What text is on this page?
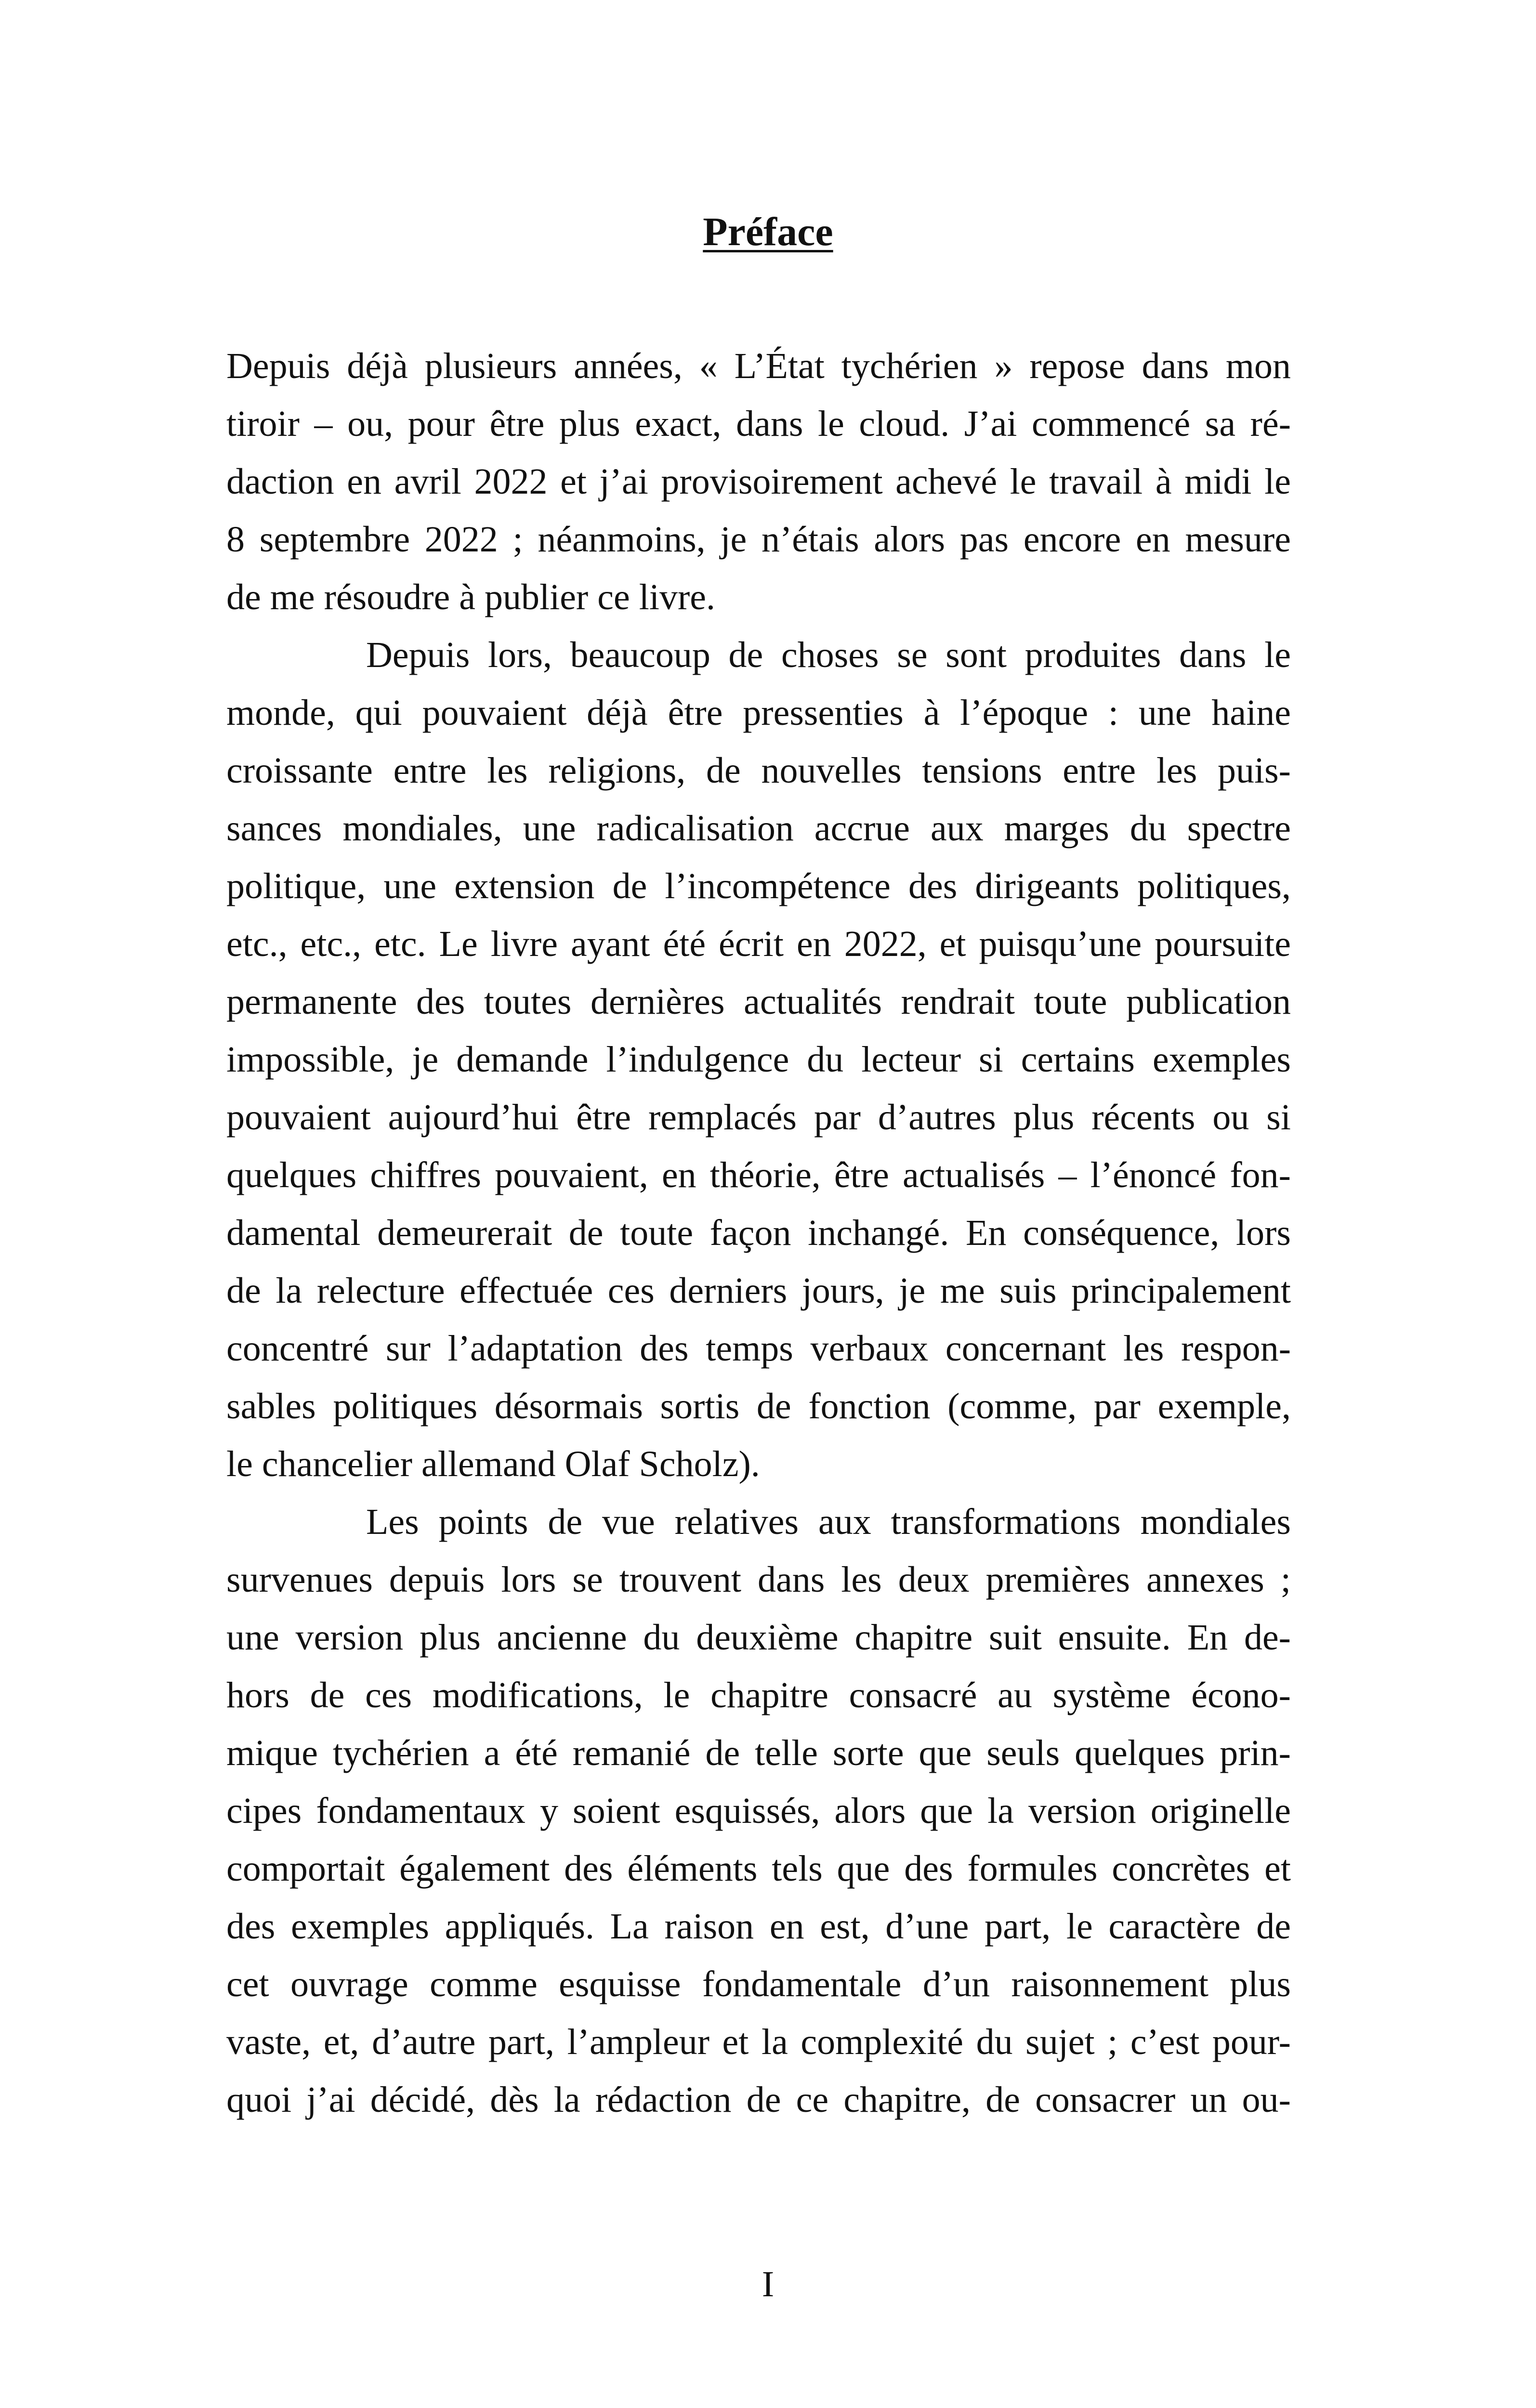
Préface
Depuis déjà plusieurs années, « L’État tychérien » repose dans mon
tiroir – ou, pour être plus exact, dans le cloud. J’ai commencé sa ré-
daction en avril 2022 et j’ai provisoirement achevé le travail à midi le
8 septembre 2022 ; néanmoins, je n’étais alors pas encore en mesure
de me résoudre à publier ce livre.
Depuis lors, beaucoup de choses se sont produites dans le
monde, qui pouvaient déjà être pressenties à l’époque : une haine
croissante entre les religions, de nouvelles tensions entre les puis-
sances mondiales, une radicalisation accrue aux marges du spectre
politique, une extension de l’incompétence des dirigeants politiques,
etc., etc., etc. Le livre ayant été écrit en 2022, et puisqu’une poursuite
permanente des toutes dernières actualités rendrait toute publication
impossible, je demande l’indulgence du lecteur si certains exemples
pouvaient aujourd’hui être remplacés par d’autres plus récents ou si
quelques chiffres pouvaient, en théorie, être actualisés – l’énoncé fon-
damental demeurerait de toute façon inchangé. En conséquence, lors
de la relecture effectuée ces derniers jours, je me suis principalement
concentré sur l’adaptation des temps verbaux concernant les respon-
sables politiques désormais sortis de fonction (comme, par exemple,
le chancelier allemand Olaf Scholz).
Les points de vue relatives aux transformations mondiales
survenues depuis lors se trouvent dans les deux premières annexes ;
une version plus ancienne du deuxième chapitre suit ensuite. En de-
hors de ces modifications, le chapitre consacré au système écono-
mique tychérien a été remanié de telle sorte que seuls quelques prin-
cipes fondamentaux y soient esquissés, alors que la version originelle
comportait également des éléments tels que des formules concrètes et
des exemples appliqués. La raison en est, d’une part, le caractère de
cet ouvrage comme esquisse fondamentale d’un raisonnement plus
vaste, et, d’autre part, l’ampleur et la complexité du sujet ; c’est pour-
quoi j’ai décidé, dès la rédaction de ce chapitre, de consacrer un ou-
I
